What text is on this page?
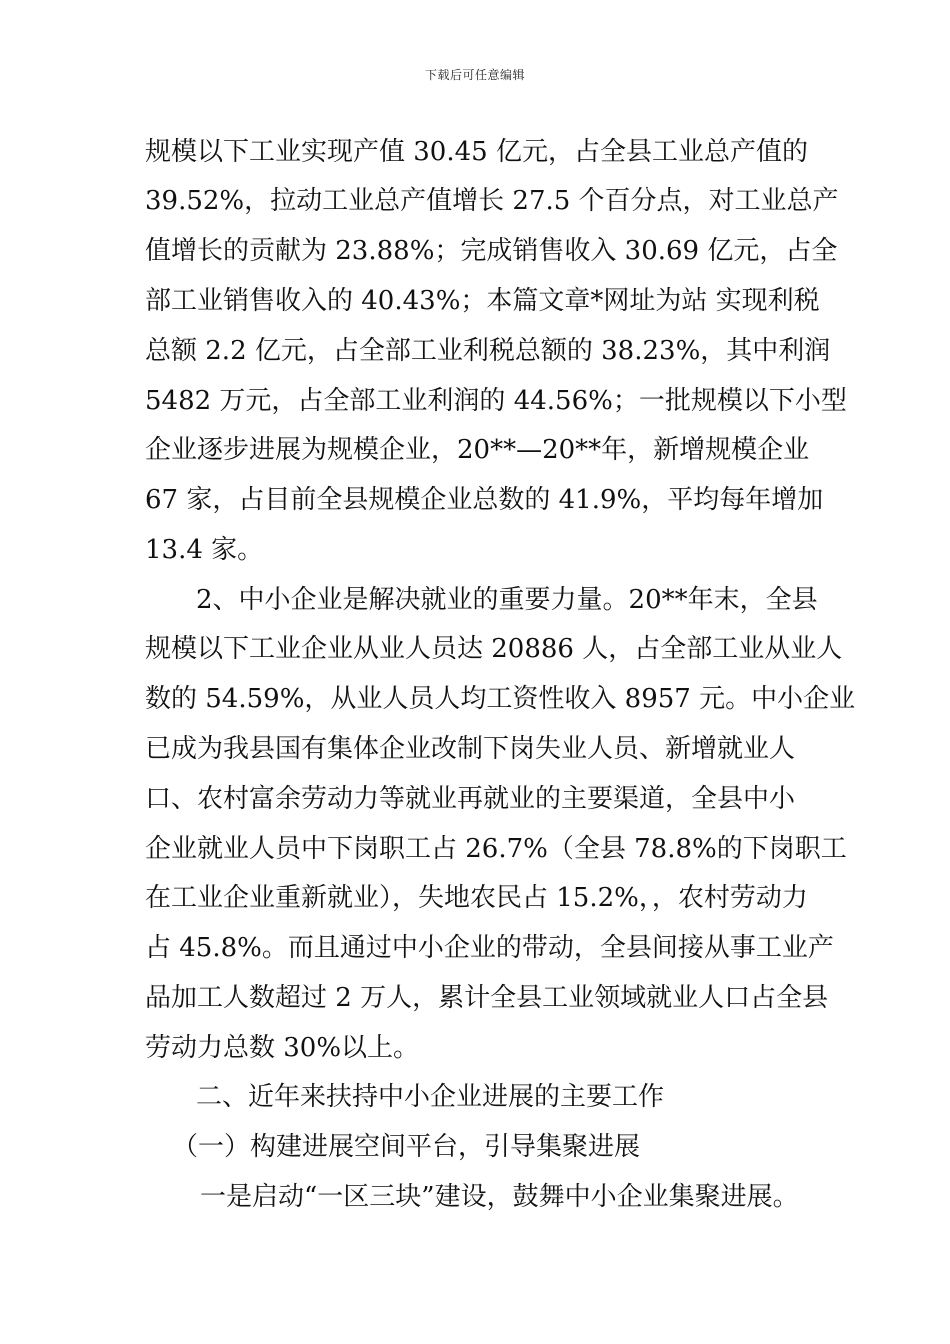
下载后可任意编辑
规模以下工业实现产值 30.45 亿元，占全县工业总产值的
39.52%，拉动工业总产值增长 27.5 个百分点，对工业总产
值增长的贡献为 23.88%；完成销售收入 30.69 亿元，占全
部工业销售收入的 40.43%；本篇文章*网址为站 实现利税
总额 2.2 亿元，占全部工业利税总额的 38.23%，其中利润
5482 万元，占全部工业利润的 44.56%；一批规模以下小型
企业逐步进展为规模企业，20**—20**年，新增规模企业
67 家，占目前全县规模企业总数的 41.9%，平均每年增加
13.4 家。
2、中小企业是解决就业的重要力量。20**年末，全县
规模以下工业企业从业人员达 20886 人，占全部工业从业人
数的 54.59%，从业人员人均工资性收入 8957 元。中小企业
已成为我县国有集体企业改制下岗失业人员、新增就业人
口、农村富余劳动力等就业再就业的主要渠道，全县中小
企业就业人员中下岗职工占 26.7%（全县 78.8%的下岗职工
在工业企业重新就业），失地农民占 15.2%，，农村劳动力
占 45.8%。而且通过中小企业的带动，全县间接从事工业产
品加工人数超过 2 万人，累计全县工业领域就业人口占全县
劳动力总数 30%以上。
二、近年来扶持中小企业进展的主要工作
（一）构建进展空间平台，引导集聚进展
一是启动“一区三块”建设，鼓舞中小企业集聚进展。
